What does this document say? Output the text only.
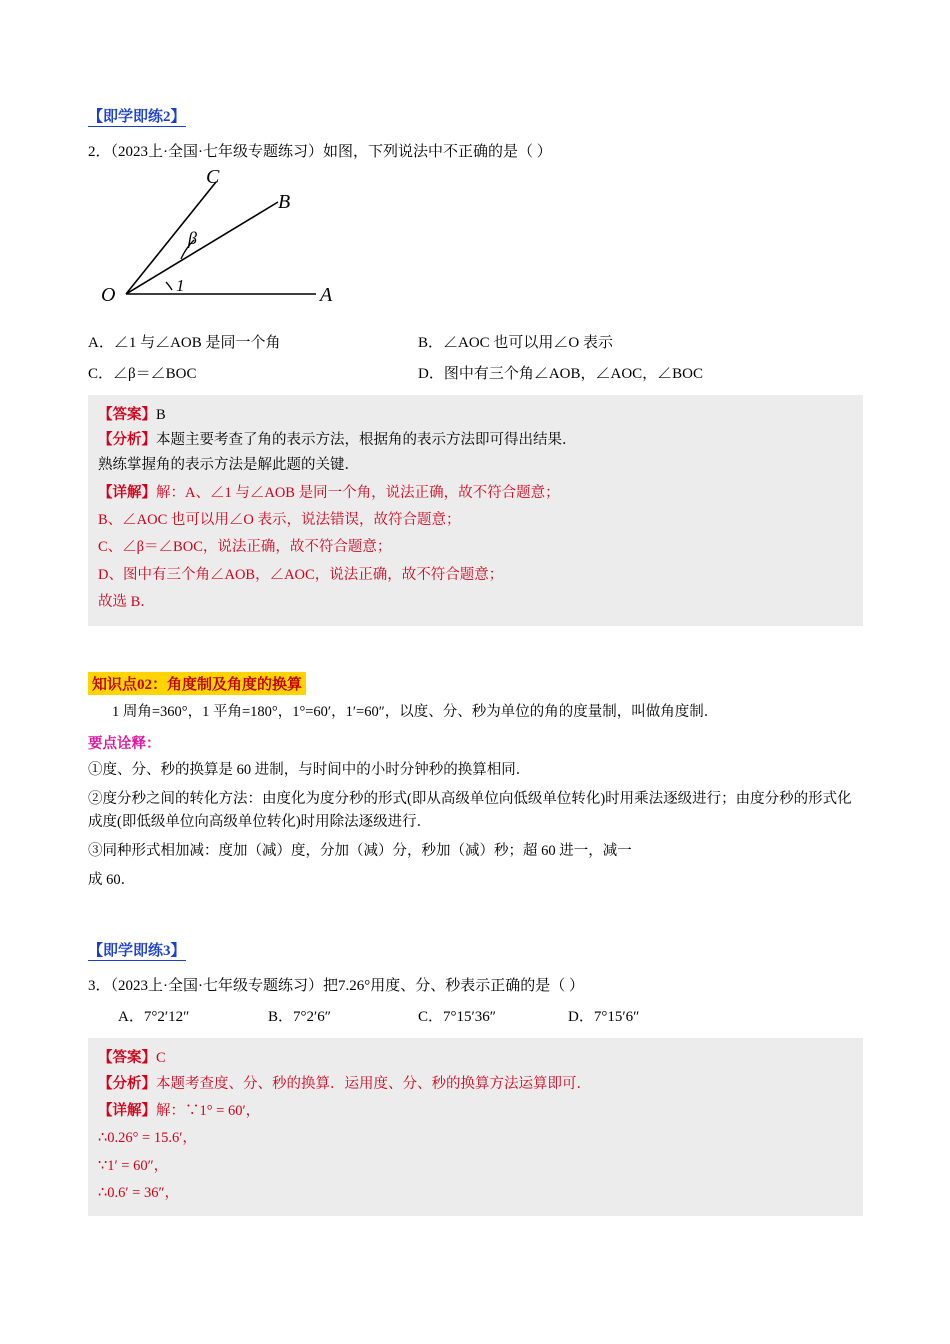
【即学即练2】
2．（2023上·全国·七年级专题练习）如图，下列说法中不正确的是（ ）
C
B
O	A
β
1
A．∠1 与∠AOB 是同一个角	B．∠AOC 也可以用∠O 表示
C．∠β＝∠BOC	D．图中有三个角∠AOB，∠AOC，∠BOC
【答案】B
【分析】本题主要考查了角的表示方法，根据角的表示方法即可得出结果．
熟练掌握角的表示方法是解此题的关键．
【详解】解：A、∠1 与∠AOB 是同一个角，说法正确，故不符合题意；
B、∠AOC 也可以用∠O 表示，说法错误，故符合题意；
C、∠β＝∠BOC，说法正确，故不符合题意；
D、图中有三个角∠AOB，∠AOC，说法正确，故不符合题意；
故选 B．
知识点02：角度制及角度的换算
1 周角=360°，1 平角=180°，1°=60′，1′=60″，以度、分、秒为单位的角的度量制，叫做角度制．
要点诠释：
①度、分、秒的换算是 60 进制，与时间中的小时分钟秒的换算相同．
②度分秒之间的转化方法：由度化为度分秒的形式(即从高级单位向低级单位转化)时用乘法逐级进行；由度分秒的形式化成度(即低级单位向高级单位转化)时用除法逐级进行．
③同种形式相加减：度加（减）度，分加（减）分，秒加（减）秒；超 60 进一，减一
成 60．
【即学即练3】
3．（2023上·全国·七年级专题练习）把7.26°用度、分、秒表示正确的是（ ）
A．7°2′12″	B．7°2′6″	C．7°15′36″	D．7°15′6″
【答案】C
【分析】本题考查度、分、秒的换算．运用度、分、秒的换算方法运算即可．
【详解】解：∵1° = 60′，
∴0.26° = 15.6′，
∵1′ = 60″，
∴0.6′ = 36″，
